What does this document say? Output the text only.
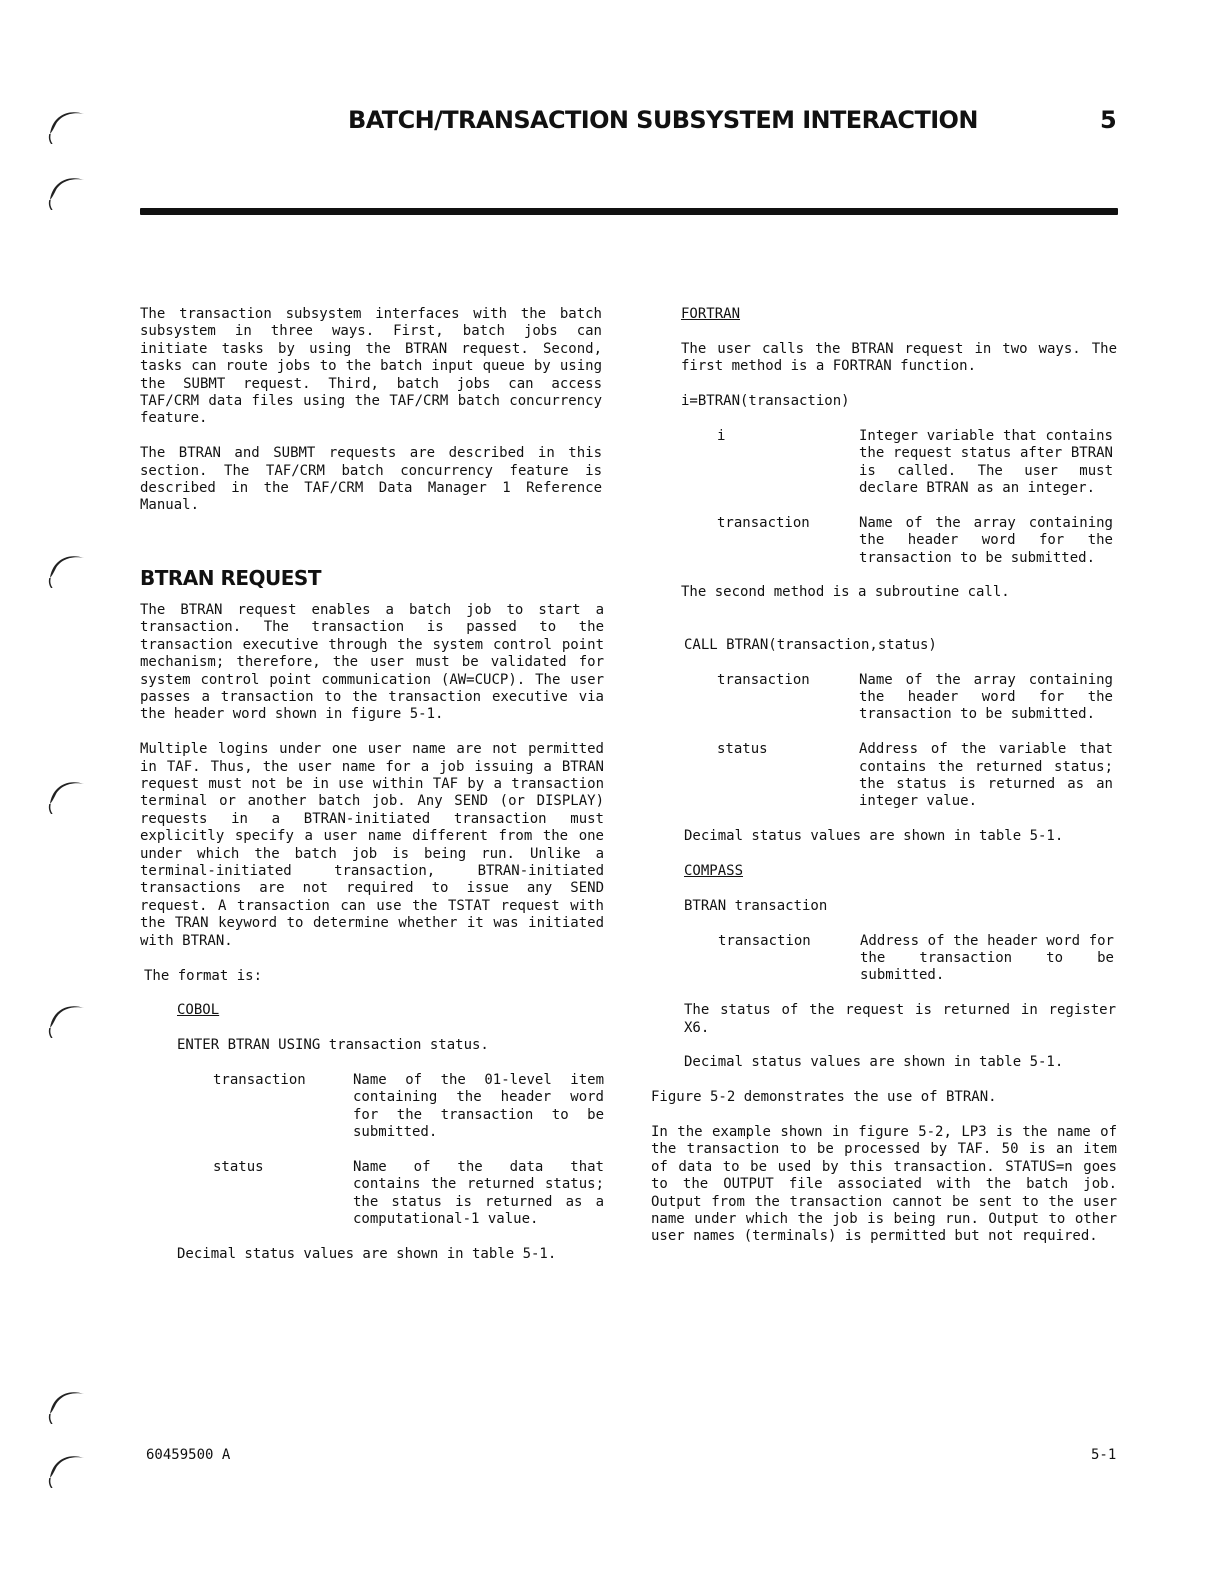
BATCH/TRANSACTION SUBSYSTEM INTERACTION	5

The transaction subsystem interfaces with the batch subsystem in three ways. First, batch jobs can initiate tasks by using the BTRAN request. Second, tasks can route jobs to the batch input queue by using the SUBMT request. Third, batch jobs can access TAF/CRM data files using the TAF/CRM batch concurrency feature.

The BTRAN and SUBMT requests are described in this section. The TAF/CRM batch concurrency feature is described in the TAF/CRM Data Manager 1 Reference Manual.

BTRAN REQUEST

The BTRAN request enables a batch job to start a transaction. The transaction is passed to the transaction executive through the system control point mechanism; therefore, the user must be validated for system control point communication (AW=CUCP). The user passes a transaction to the transaction executive via the header word shown in figure 5-1.

Multiple logins under one user name are not permitted in TAF. Thus, the user name for a job issuing a BTRAN request must not be in use within TAF by a transaction terminal or another batch job. Any SEND (or DISPLAY) requests in a BTRAN-initiated transaction must explicitly specify a user name different from the one under which the batch job is being run. Unlike a terminal-initiated transaction, BTRAN-initiated transactions are not required to issue any SEND request. A transaction can use the TSTAT request with the TRAN keyword to determine whether it was initiated with BTRAN.

The format is:

COBOL

ENTER BTRAN USING transaction status.

transaction	Name of the 01-level item containing the header word for the transaction to be submitted.
status	Name of the data that contains the returned status; the status is returned as a computational-1 value.

Decimal status values are shown in table 5-1.

FORTRAN

The user calls the BTRAN request in two ways. The first method is a FORTRAN function.

i=BTRAN(transaction)

i	Integer variable that contains the request status after BTRAN is called. The user must declare BTRAN as an integer.
transaction	Name of the array containing the header word for the transaction to be submitted.

The second method is a subroutine call.

CALL BTRAN(transaction,status)

transaction	Name of the array containing the header word for the transaction to be submitted.
status	Address of the variable that contains the returned status; the status is returned as an integer value.

Decimal status values are shown in table 5-1.

COMPASS

BTRAN transaction

transaction	Address of the header word for the transaction to be submitted.

The status of the request is returned in register X6.

Decimal status values are shown in table 5-1.

Figure 5-2 demonstrates the use of BTRAN.

In the example shown in figure 5-2, LP3 is the name of the transaction to be processed by TAF. 50 is an item of data to be used by this transaction. STATUS=n goes to the OUTPUT file associated with the batch job. Output from the transaction cannot be sent to the user name under which the job is being run. Output to other user names (terminals) is permitted but not required.

60459500 A	5-1
